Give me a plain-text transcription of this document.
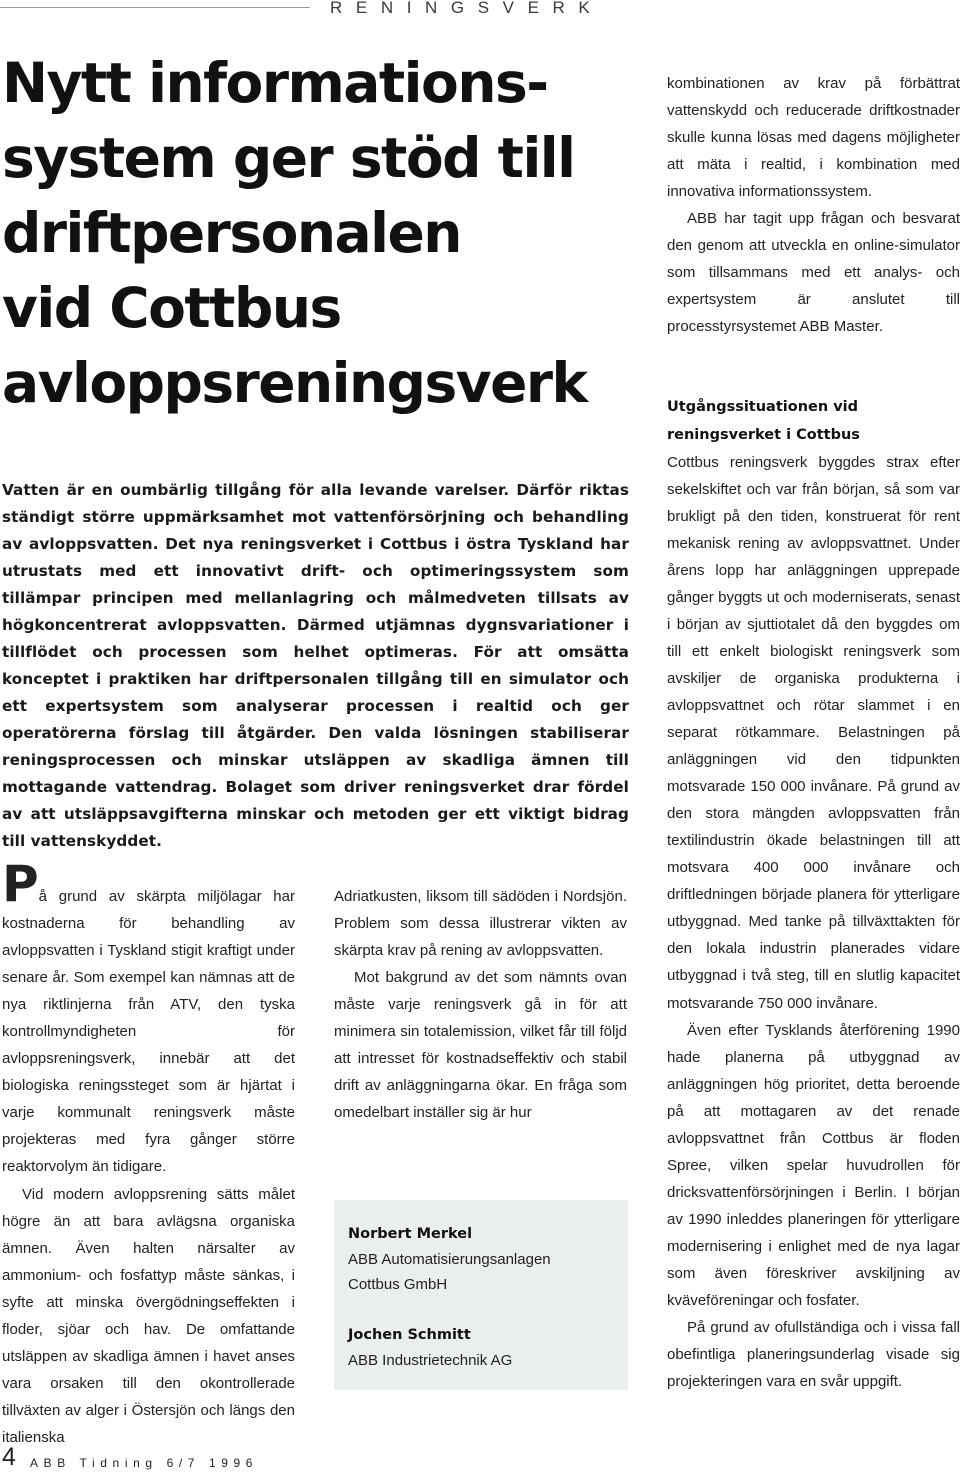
RENINGSVERK
Nytt informations-
system ger stöd till
driftpersonalen
vid Cottbus
avloppsreningsverk
Vatten är en oumbärlig tillgång för alla levande varelser. Därför riktas ständigt större uppmärksamhet mot vattenförsörjning och behandling av avloppsvatten. Det nya reningsverket i Cottbus i östra Tyskland har utrustats med ett innovativt drift- och optimeringssystem som tillämpar principen med mellanlagring och målmedveten tillsats av högkoncentrerat avloppsvatten. Därmed utjämnas dygnsvariationer i tillflödet och processen som helhet optimeras. För att omsätta konceptet i praktiken har driftpersonalen tillgång till en simulator och ett expertsystem som analyserar processen i realtid och ger operatörerna förslag till åtgärder. Den valda lösningen stabiliserar reningsprocessen och minskar utsläppen av skadliga ämnen till mottagande vattendrag. Bolaget som driver reningsverket drar fördel av att utsläppsavgifterna minskar och metoden ger ett viktigt bidrag till vattenskyddet.

På grund av skärpta miljölagar har kostnaderna för behandling av avloppsvatten i Tyskland stigit kraftigt under senare år. Som exempel kan nämnas att de nya riktlinjerna från ATV, den tyska kontrollmyndigheten för avloppsreningsverk, innebär att det biologiska reningssteget som är hjärtat i varje kommunalt reningsverk måste projekteras med fyra gånger större reaktorvolym än tidigare.

Vid modern avloppsrening sätts målet högre än att bara avlägsna organiska ämnen. Även halten närsalter av ammonium- och fosfattyp måste sänkas, i syfte att minska övergödningseffekten i floder, sjöar och hav. De omfattande utsläppen av skadliga ämnen i havet anses vara orsaken till den okontrollerade tillväxten av alger i Östersjön och längs den italienska

Adriatkusten, liksom till sädöden i Nordsjön. Problem som dessa illustrerar vikten av skärpta krav på rening av avloppsvatten.

Mot bakgrund av det som nämnts ovan måste varje reningsverk gå in för att minimera sin totalemission, vilket får till följd att intresset för kostnadseffektiv och stabil drift av anläggningarna ökar. En fråga som omedelbart inställer sig är hur

Norbert Merkel
ABB Automatisierungsanlagen
Cottbus GmbH
Jochen Schmitt
ABB Industrietechnik AG

kombinationen av krav på förbättrat vattenskydd och reducerade driftkostnader skulle kunna lösas med dagens möjligheter att mäta i realtid, i kombination med innovativa informationssystem.

ABB har tagit upp frågan och besvarat den genom att utveckla en online-simulator som tillsammans med ett analys- och expertsystem är anslutet till processtyrsystemet ABB Master.

Utgångssituationen vid
reningsverket i Cottbus

Cottbus reningsverk byggdes strax efter sekelskiftet och var från början, så som var brukligt på den tiden, konstruerat för rent mekanisk rening av avloppsvattnet. Under årens lopp har anläggningen upprepade gånger byggts ut och moderniserats, senast i början av sjuttiotalet då den byggdes om till ett enkelt biologiskt reningsverk som avskiljer de organiska produkterna i avloppsvattnet och rötar slammet i en separat rötkammare. Belastningen på anläggningen vid den tidpunkten motsvarade 150 000 invånare. På grund av den stora mängden avloppsvatten från textilindustrin ökade belastningen till att motsvara 400 000 invånare och driftledningen började planera för ytterligare utbyggnad. Med tanke på tillväxttakten för den lokala industrin planerades vidare utbyggnad i två steg, till en slutlig kapacitet motsvarande 750 000 invånare.

Även efter Tysklands återförening 1990 hade planerna på utbyggnad av anläggningen hög prioritet, detta beroende på att mottagaren av det renade avloppsvattnet från Cottbus är floden Spree, vilken spelar huvudrollen för dricksvattenförsörjningen i Berlin. I början av 1990 inleddes planeringen för ytterligare modernisering i enlighet med de nya lagar som även föreskriver avskiljning av kväveföreningar och fosfater.

På grund av ofullständiga och i vissa fall obefintliga planeringsunderlag visade sig projekteringen vara en svår uppgift.

4 ABB Tidning 6/7 1996
